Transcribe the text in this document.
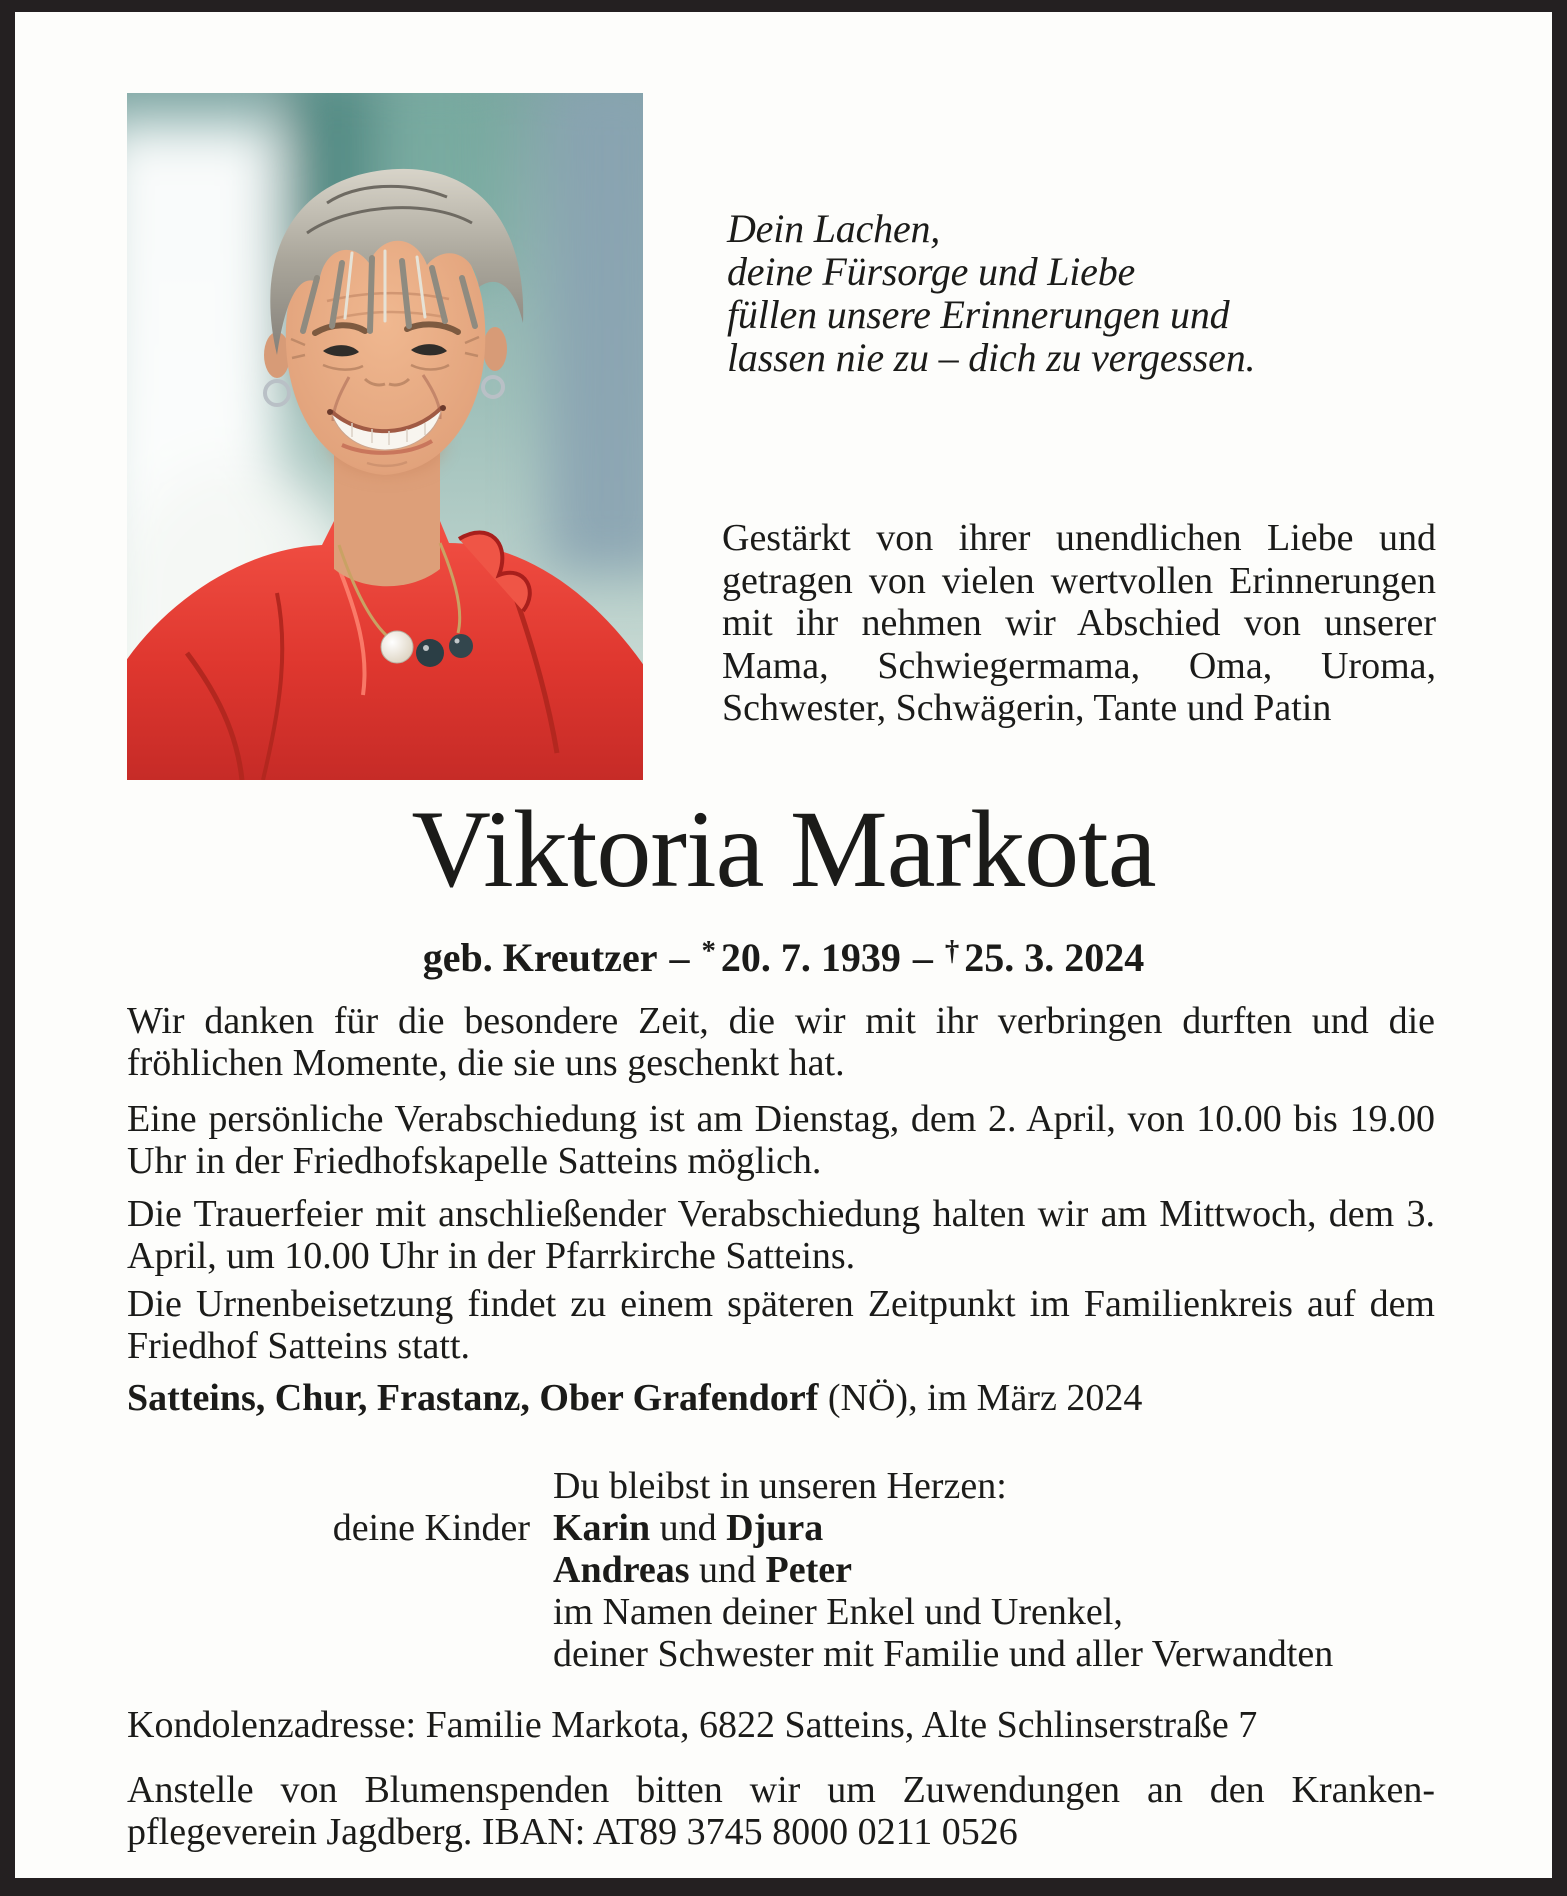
Dein Lachen,
deine Fürsorge und Liebe
füllen unsere Erinnerungen und
lassen nie zu – dich zu vergessen.
Gestärkt von ihrer unendlichen Liebe und getragen von vielen wertvollen Erinnerungen mit ihr nehmen wir Abschied von unserer Mama, Schwiegermama, Oma, Uroma, Schwester, Schwägerin, Tante und Patin
Viktoria Markota
geb. Kreutzer – * 20. 7. 1939 – † 25. 3. 2024
Wir danken für die besondere Zeit, die wir mit ihr verbringen durften und die fröhlichen Momente, die sie uns geschenkt hat.
Eine persönliche Verabschiedung ist am Dienstag, dem 2. April, von 10.00 bis 19.00 Uhr in der Friedhofskapelle Satteins möglich.
Die Trauerfeier mit anschließender Verabschiedung halten wir am Mittwoch, dem 3. April, um 10.00 Uhr in der Pfarrkirche Satteins.
Die Urnenbeisetzung findet zu einem späteren Zeitpunkt im Familienkreis auf dem Friedhof Satteins statt.
Satteins, Chur, Frastanz, Ober Grafendorf (NÖ), im März 2024
Du bleibst in unseren Herzen:
deine Kinder Karin und Djura
Andreas und Peter
im Namen deiner Enkel und Urenkel,
deiner Schwester mit Familie und aller Verwandten
Kondolenzadresse: Familie Markota, 6822 Satteins, Alte Schlinserstraße 7
Anstelle von Blumenspenden bitten wir um Zuwendungen an den Krankenpflegeverein Jagdberg. IBAN: AT89 3745 8000 0211 0526
